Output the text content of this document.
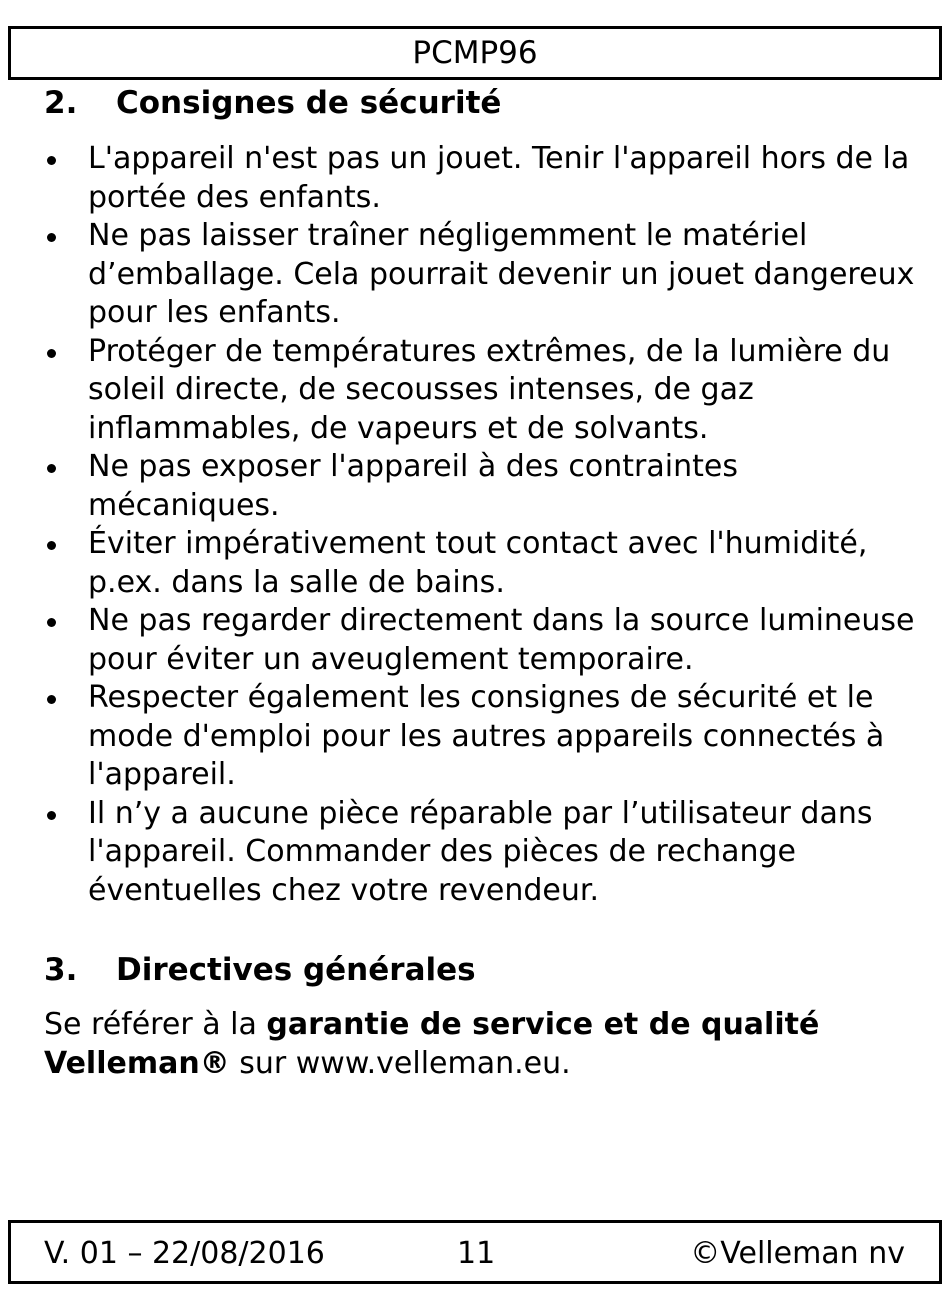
PCMP96
2.	Consignes de sécurité
L'appareil n'est pas un jouet. Tenir l'appareil hors de la portée des enfants.
Ne pas laisser traîner négligemment le matériel d’emballage. Cela pourrait devenir un jouet dangereux pour les enfants.
Protéger de températures extrêmes, de la lumière du soleil directe, de secousses intenses, de gaz inflammables, de vapeurs et de solvants.
Ne pas exposer l'appareil à des contraintes mécaniques.
Éviter impérativement tout contact avec l'humidité, p.ex. dans la salle de bains.
Ne pas regarder directement dans la source lumineuse pour éviter un aveuglement temporaire.
Respecter également les consignes de sécurité et le mode d'emploi pour les autres appareils connectés à l'appareil.
Il n’y a aucune pièce réparable par l’utilisateur dans l'appareil. Commander des pièces de rechange éventuelles chez votre revendeur.
3.	Directives générales

Se référer à la garantie de service et de qualité Velleman® sur www.velleman.eu.

V. 01 – 22/08/2016	11	©Velleman nv
